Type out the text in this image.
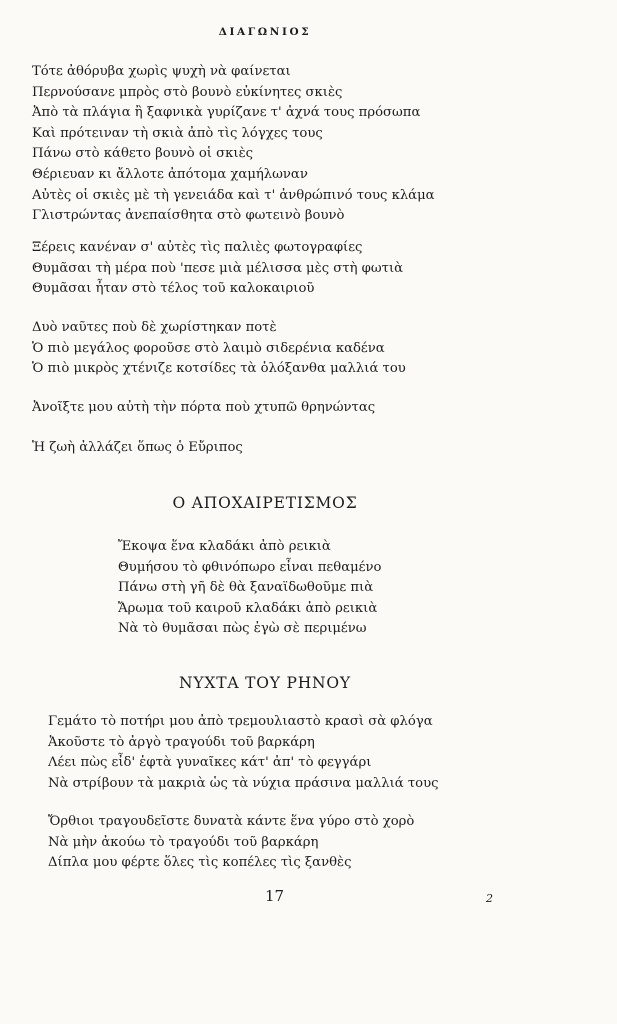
ΔΙΑΓΩΝΙΟΣ
Τότε ἀθόρυβα χωρὶς ψυχὴ νὰ φαίνεται
Περνούσανε μπρὸς στὸ βουνὸ εὐκίνητες σκιὲς
Ἀπὸ τὰ πλάγια ἢ ξαφνικὰ γυρίζανε τ' ἀχνά τους πρόσωπα
Καὶ πρότειναν τὴ σκιὰ ἀπὸ τὶς λόγχες τους
Πάνω στὸ κάθετο βουνὸ οἱ σκιὲς
Θέριευαν κι ἄλλοτε ἀπότομα χαμήλωναν
Αὐτὲς οἱ σκιὲς μὲ τὴ γενειάδα καὶ τ' ἀνθρώπινό τους κλάμα
Γλιστρώντας ἀνεπαίσθητα στὸ φωτεινὸ βουνὸ
Ξέρεις κανέναν σ' αὐτὲς τὶς παλιὲς φωτογραφίες
Θυμᾶσαι τὴ μέρα ποὺ 'πεσε μιὰ μέλισσα μὲς στὴ φωτιὰ
Θυμᾶσαι ἦταν στὸ τέλος τοῦ καλοκαιριοῦ
Δυὸ ναῦτες ποὺ δὲ χωρίστηκαν ποτὲ
Ὁ πιὸ μεγάλος φοροῦσε στὸ λαιμὸ σιδερένια καδένα
Ὁ πιὸ μικρὸς χτένιζε κοτσίδες τὰ ὁλόξανθα μαλλιά του
Ἀνοῖξτε μου αὐτὴ τὴν πόρτα ποὺ χτυπῶ θρηνώντας
Ἡ ζωὴ ἀλλάζει ὅπως ὁ Εὔριπος
Ο ΑΠΟΧΑΙΡΕΤΙΣΜΟΣ
Ἔκοψα ἕνα κλαδάκι ἀπὸ ρεικιὰ
Θυμήσου τὸ φθινόπωρο εἶναι πεθαμένο
Πάνω στὴ γῆ δὲ θὰ ξαναϊδωθοῦμε πιὰ
Ἄρωμα τοῦ καιροῦ κλαδάκι ἀπὸ ρεικιὰ
Νὰ τὸ θυμᾶσαι πὼς ἐγὼ σὲ περιμένω
ΝΥΧΤΑ ΤΟΥ ΡΗΝΟΥ
Γεμάτο τὸ ποτήρι μου ἀπὸ τρεμουλιαστὸ κρασὶ σὰ φλόγα
Ἀκοῦστε τὸ ἀργὸ τραγούδι τοῦ βαρκάρη
Λέει πὼς εἶδ' ἑφτὰ γυναῖκες κάτ' ἀπ' τὸ φεγγάρι
Νὰ στρίβουν τὰ μακριὰ ὡς τὰ νύχια πράσινα μαλλιά τους
Ὄρθιοι τραγουδεῖστε δυνατὰ κάντε ἕνα γύρο στὸ χορὸ
Νὰ μὴν ἀκούω τὸ τραγούδι τοῦ βαρκάρη
Δίπλα μου φέρτε ὅλες τὶς κοπέλες τὶς ξανθὲς
17	2
